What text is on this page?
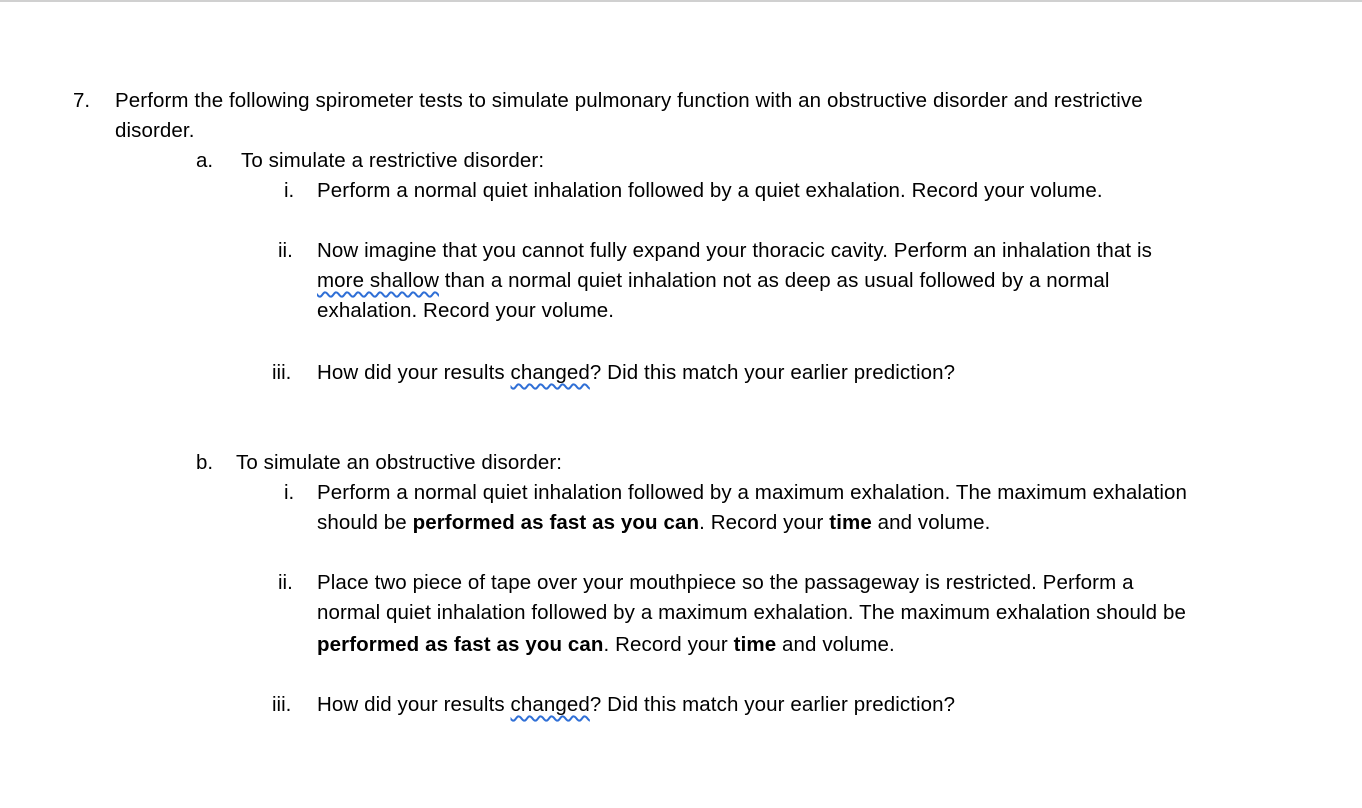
7. Perform the following spirometer tests to simulate pulmonary function with an obstructive disorder and restrictive
disorder.
a. To simulate a restrictive disorder:
i. Perform a normal quiet inhalation followed by a quiet exhalation. Record your volume.
ii. Now imagine that you cannot fully expand your thoracic cavity. Perform an inhalation that is
more shallow than a normal quiet inhalation not as deep as usual followed by a normal
exhalation. Record your volume.
iii. How did your results changed? Did this match your earlier prediction?
b. To simulate an obstructive disorder:
i. Perform a normal quiet inhalation followed by a maximum exhalation. The maximum exhalation
should be performed as fast as you can. Record your time and volume.
ii. Place two piece of tape over your mouthpiece so the passageway is restricted. Perform a
normal quiet inhalation followed by a maximum exhalation. The maximum exhalation should be
performed as fast as you can. Record your time and volume.
iii. How did your results changed? Did this match your earlier prediction?
